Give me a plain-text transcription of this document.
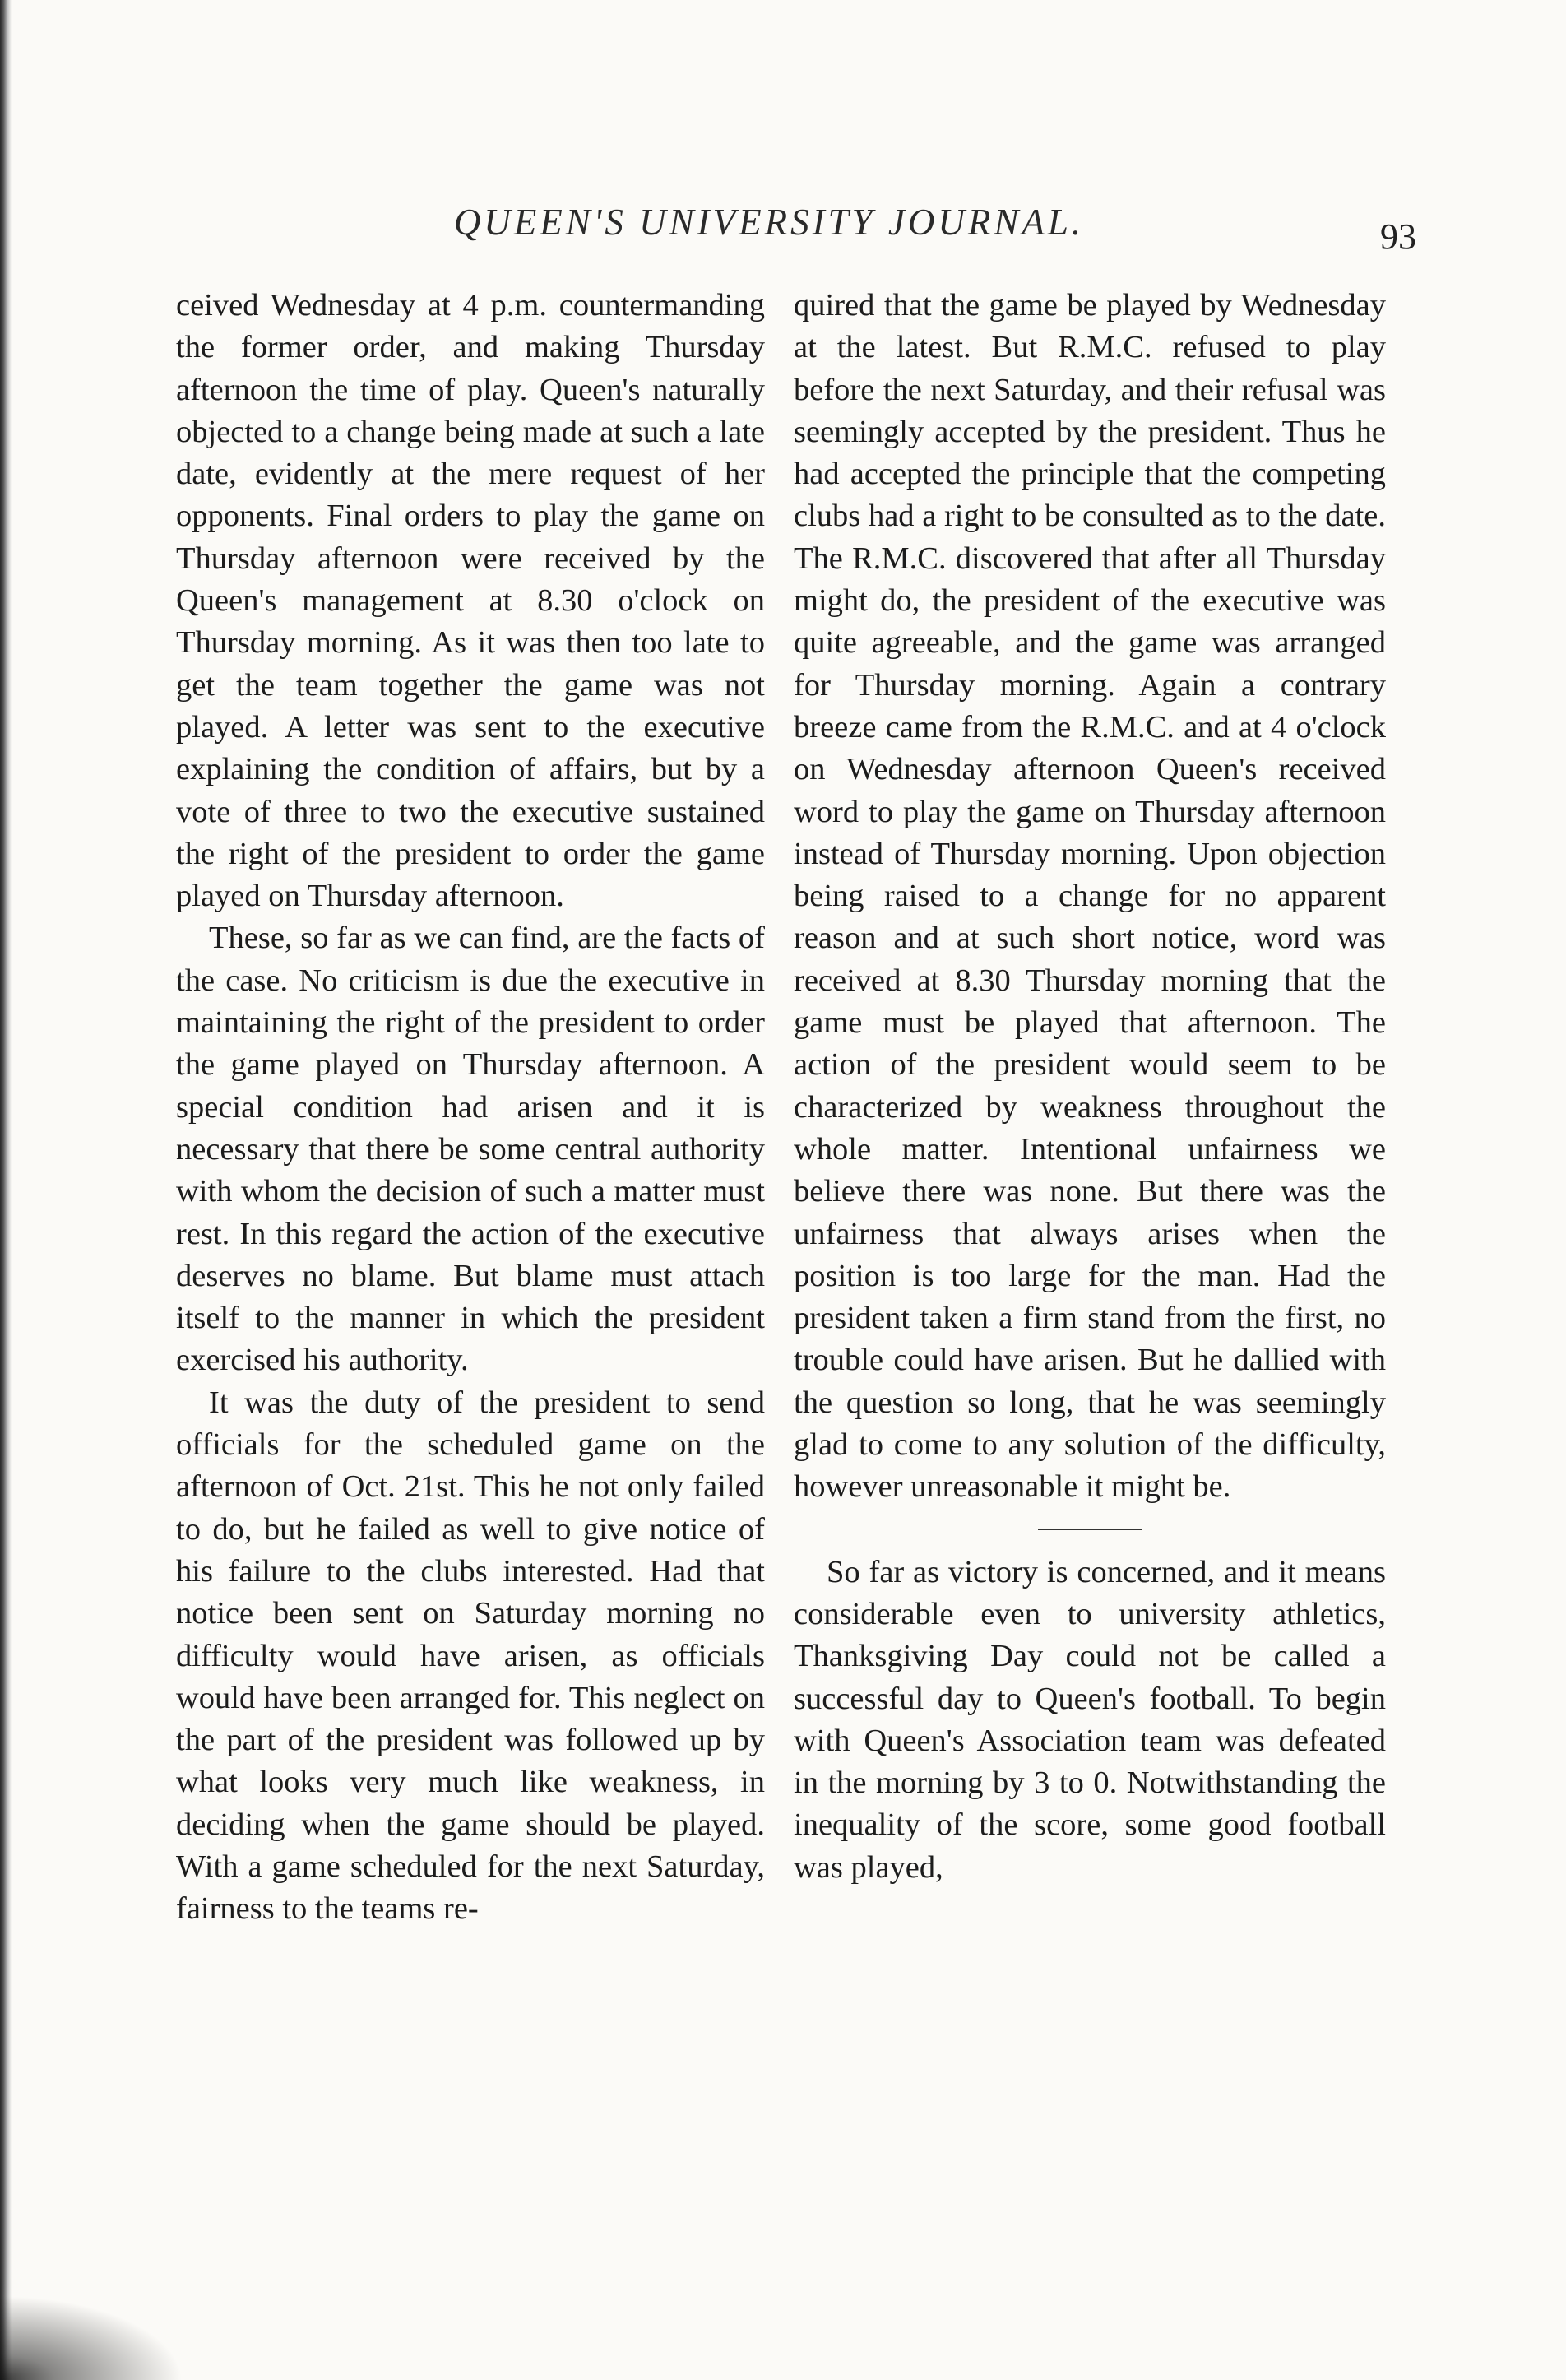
QUEEN'S UNIVERSITY JOURNAL.	93

ceived Wednesday at 4 p.m. countermanding the former order, and making Thursday afternoon the time of play. Queen's naturally objected to a change being made at such a late date, evidently at the mere request of her opponents. Final orders to play the game on Thursday afternoon were received by the Queen's management at 8.30 o'clock on Thursday morning. As it was then too late to get the team together the game was not played. A letter was sent to the executive explaining the condition of affairs, but by a vote of three to two the executive sustained the right of the president to order the game played on Thursday afternoon.

These, so far as we can find, are the facts of the case. No criticism is due the executive in maintaining the right of the president to order the game played on Thursday afternoon. A special condition had arisen and it is necessary that there be some central authority with whom the decision of such a matter must rest. In this regard the action of the executive deserves no blame. But blame must attach itself to the manner in which the president exercised his authority.

It was the duty of the president to send officials for the scheduled game on the afternoon of Oct. 21st. This he not only failed to do, but he failed as well to give notice of his failure to the clubs interested. Had that notice been sent on Saturday morning no difficulty would have arisen, as officials would have been arranged for. This neglect on the part of the president was followed up by what looks very much like weakness, in deciding when the game should be played. With a game scheduled for the next Saturday, fairness to the teams re-

quired that the game be played by Wednesday at the latest. But R.M.C. refused to play before the next Saturday, and their refusal was seemingly accepted by the president. Thus he had accepted the principle that the competing clubs had a right to be consulted as to the date. The R.M.C. discovered that after all Thursday might do, the president of the executive was quite agreeable, and the game was arranged for Thursday morning. Again a contrary breeze came from the R.M.C. and at 4 o'clock on Wednesday afternoon Queen's received word to play the game on Thursday afternoon instead of Thursday morning. Upon objection being raised to a change for no apparent reason and at such short notice, word was received at 8.30 Thursday morning that the game must be played that afternoon. The action of the president would seem to be characterized by weakness throughout the whole matter. Intentional unfairness we believe there was none. But there was the unfairness that always arises when the position is too large for the man. Had the president taken a firm stand from the first, no trouble could have arisen. But he dallied with the question so long, that he was seemingly glad to come to any solution of the difficulty, however unreasonable it might be.

So far as victory is concerned, and it means considerable even to university athletics, Thanksgiving Day could not be called a successful day to Queen's football. To begin with Queen's Association team was defeated in the morning by 3 to 0. Notwithstanding the inequality of the score, some good football was played,
